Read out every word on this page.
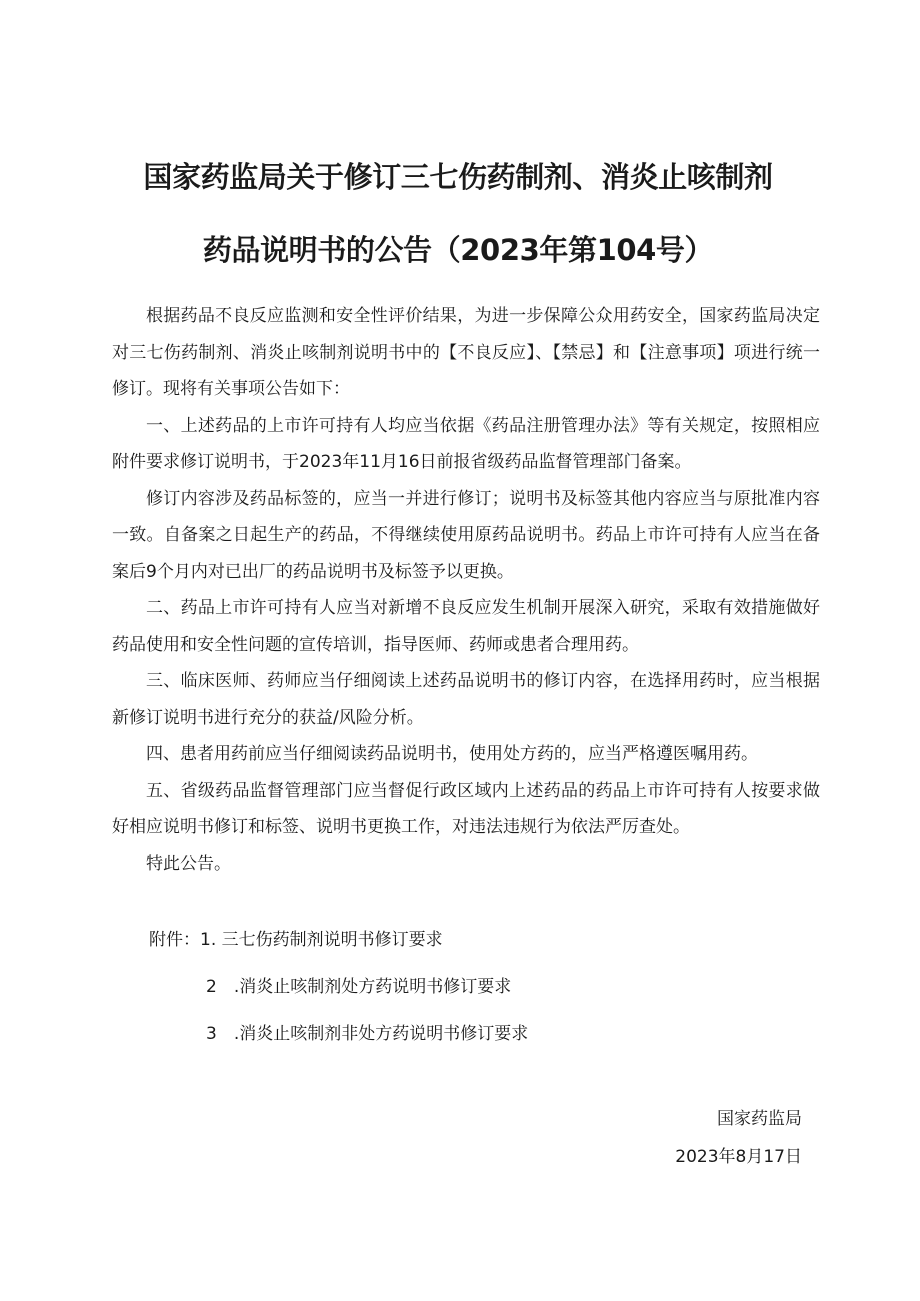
国家药监局关于修订三七伤药制剂、消炎止咳制剂
药品说明书的公告（2023年第104号）

根据药品不良反应监测和安全性评价结果，为进一步保障公众用药安全，国家药监局决定对三七伤药制剂、消炎止咳制剂说明书中的【不良反应】、【禁忌】和【注意事项】项进行统一修订。现将有关事项公告如下：

一、上述药品的上市许可持有人均应当依据《药品注册管理办法》等有关规定，按照相应附件要求修订说明书，于2023年11月16日前报省级药品监督管理部门备案。

修订内容涉及药品标签的，应当一并进行修订；说明书及标签其他内容应当与原批准内容一致。自备案之日起生产的药品，不得继续使用原药品说明书。药品上市许可持有人应当在备案后9个月内对已出厂的药品说明书及标签予以更换。

二、药品上市许可持有人应当对新增不良反应发生机制开展深入研究，采取有效措施做好药品使用和安全性问题的宣传培训，指导医师、药师或患者合理用药。

三、临床医师、药师应当仔细阅读上述药品说明书的修订内容，在选择用药时，应当根据新修订说明书进行充分的获益/风险分析。

四、患者用药前应当仔细阅读药品说明书，使用处方药的，应当严格遵医嘱用药。

五、省级药品监督管理部门应当督促行政区域内上述药品的药品上市许可持有人按要求做好相应说明书修订和标签、说明书更换工作，对违法违规行为依法严厉查处。

特此公告。

附件：1. 三七伤药制剂说明书修订要求
2　.消炎止咳制剂处方药说明书修订要求
3　.消炎止咳制剂非处方药说明书修订要求
国家药监局
2023年8月17日
